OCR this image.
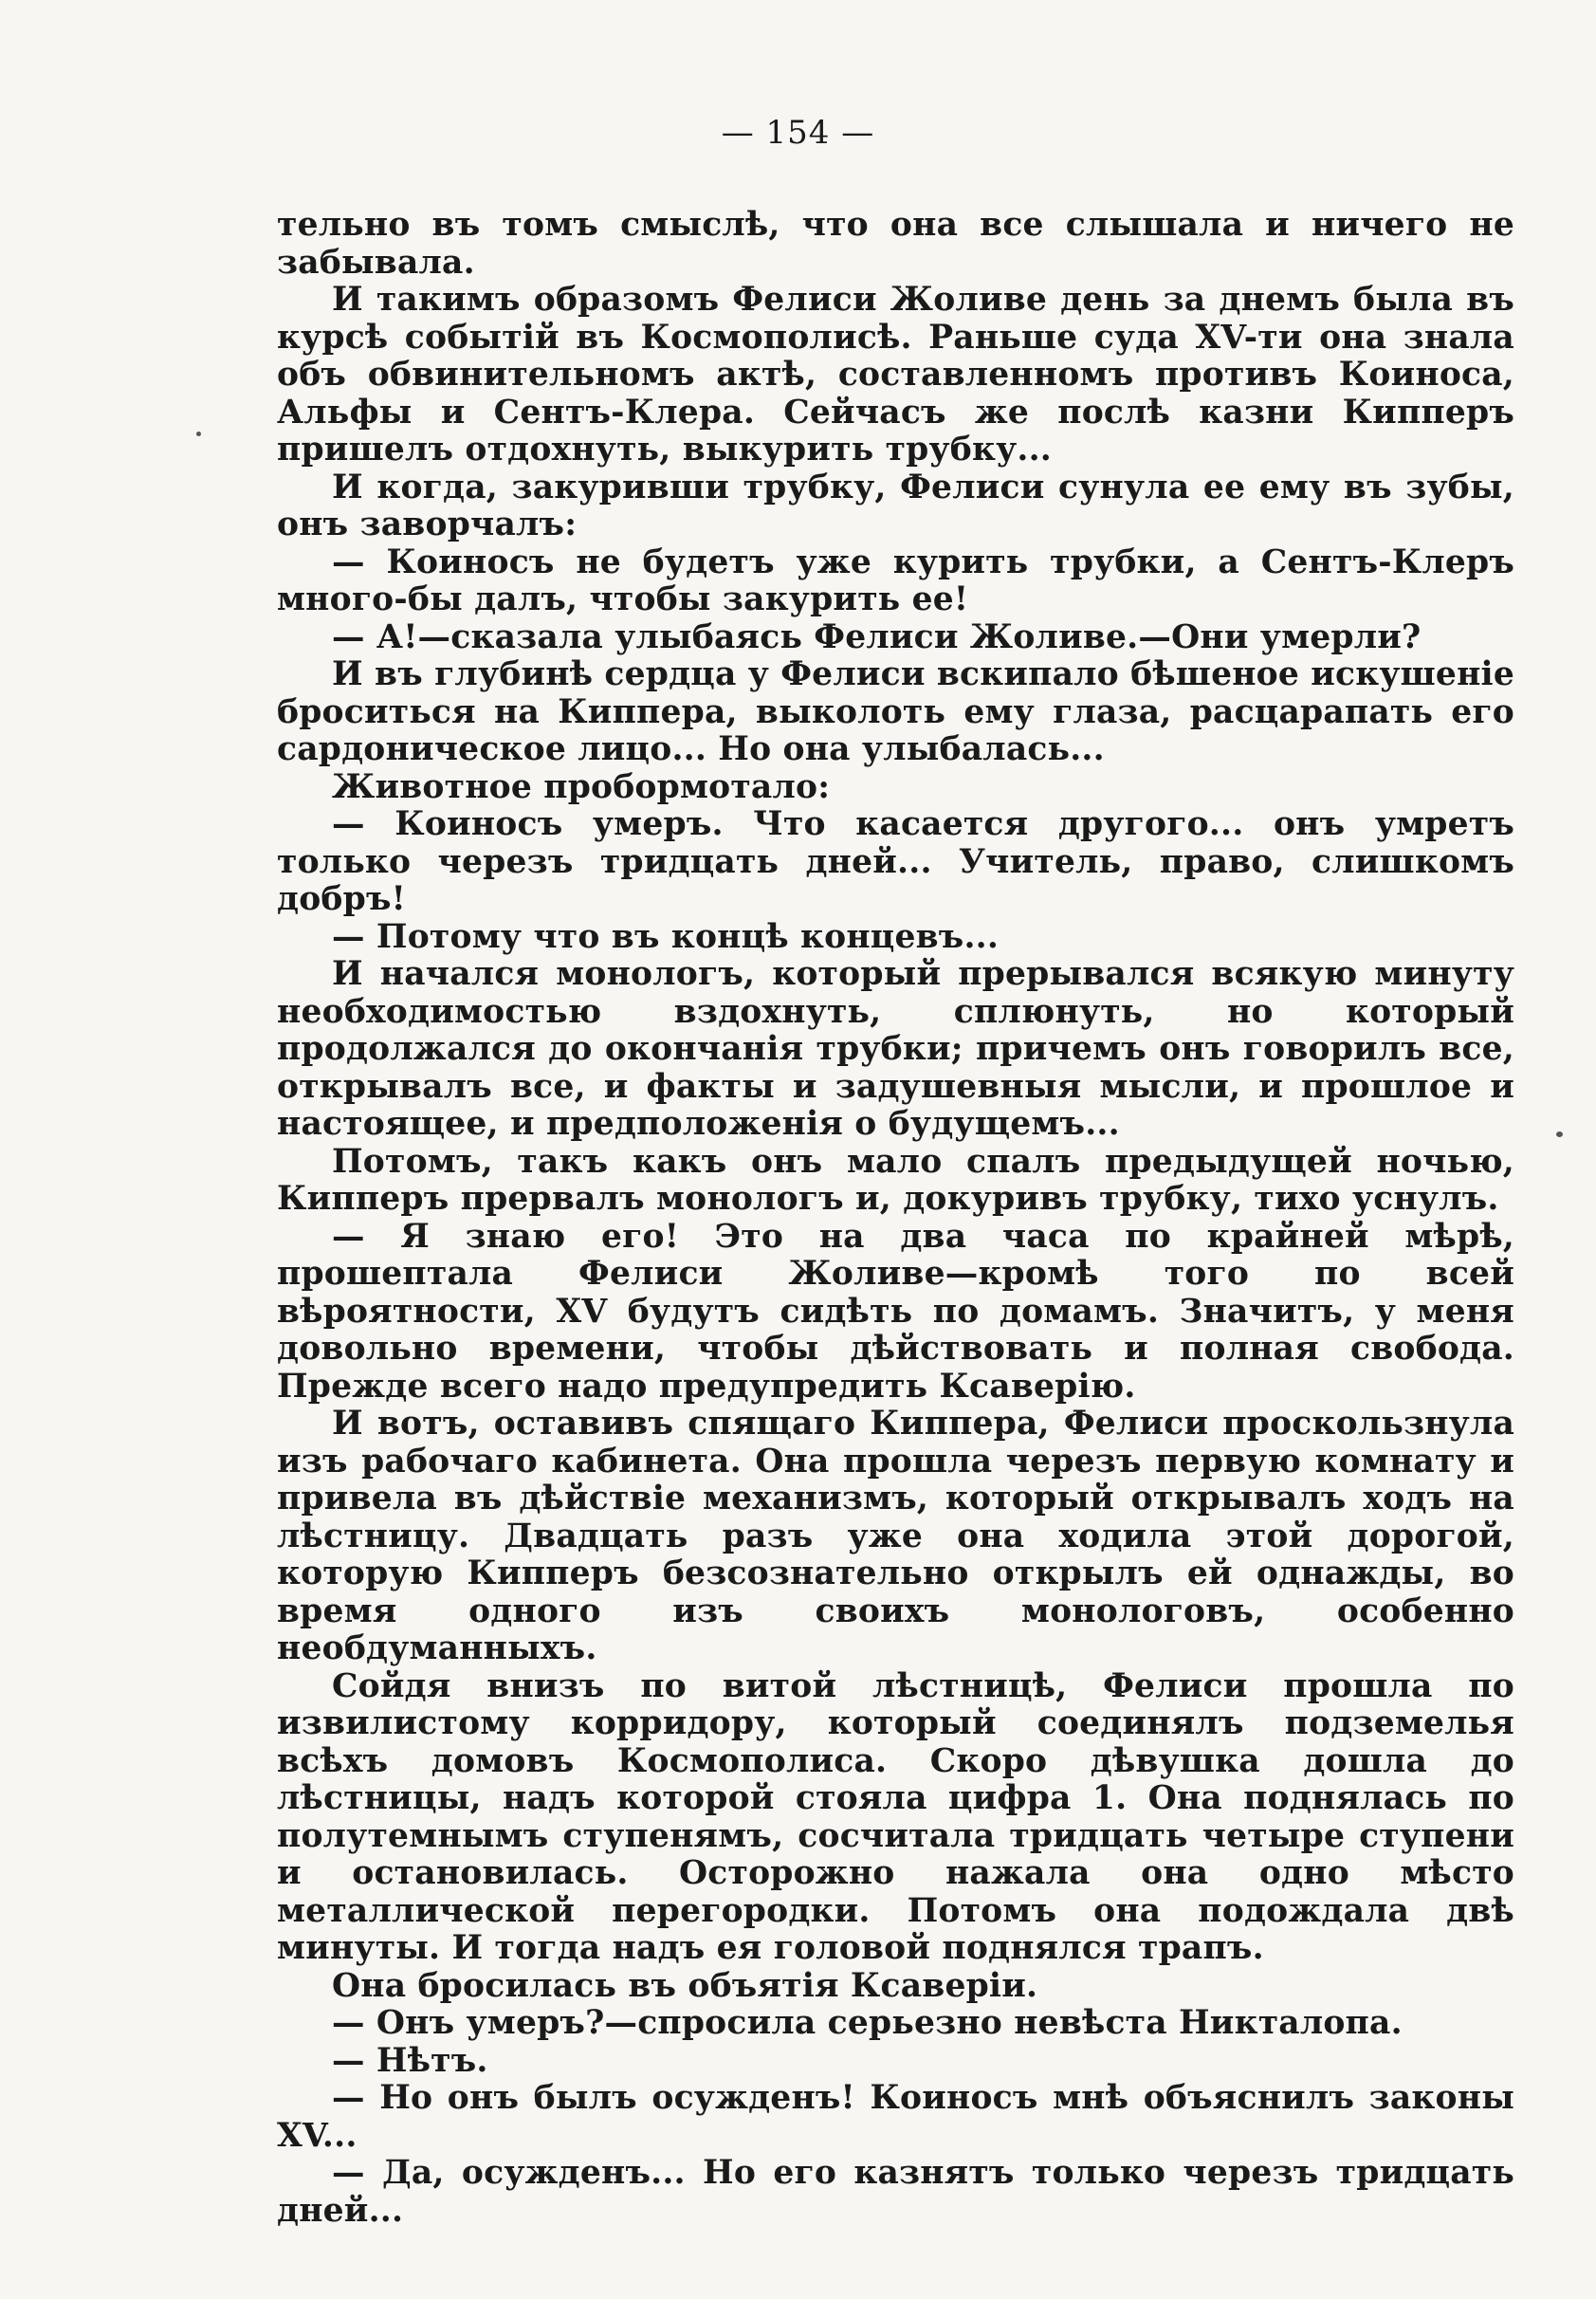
— 154 —

тельно въ томъ смыслѣ, что она все слышала и ничего не забывала.

И такимъ образомъ Фелиси Жоливе день за днемъ была въ курсѣ событій въ Космополисѣ. Раньше суда XV-ти она знала объ обвинительномъ актѣ, составленномъ противъ Коиноса, Альфы и Сентъ-Клера. Сейчасъ же послѣ казни Кипперъ пришелъ отдохнуть, выкурить трубку...

И когда, закуривши трубку, Фелиси сунула ее ему въ зубы, онъ заворчалъ:

— Коиносъ не будетъ уже курить трубки, а Сентъ-Клеръ много-бы далъ, чтобы закурить ее!

— А!—сказала улыбаясь Фелиси Жоливе.—Они умерли?

И въ глубинѣ сердца у Фелиси вскипало бѣшеное искушеніе броситься на Киппера, выколоть ему глаза, расцарапать его сардоническое лицо... Но она улыбалась...

Животное пробормотало:

— Коиносъ умеръ. Что касается другого... онъ умретъ только черезъ тридцать дней... Учитель, право, слишкомъ добръ!

— Потому что въ концѣ концевъ...

И начался монологъ, который прерывался всякую минуту необходимостью вздохнуть, сплюнуть, но который продолжался до окончанія трубки; причемъ онъ говорилъ все, открывалъ все, и факты и задушевныя мысли, и прошлое и настоящее, и предположенія о будущемъ...

Потомъ, такъ какъ онъ мало спалъ предыдущей ночью, Кипперъ прервалъ монологъ и, докуривъ трубку, тихо уснулъ.

— Я знаю его! Это на два часа по крайней мѣрѣ, прошептала Фелиси Жоливе—кромѣ того по всей вѣроятности, XV будутъ сидѣть по домамъ. Значитъ, у меня довольно времени, чтобы дѣйствовать и полная свобода. Прежде всего надо предупредить Ксаверію.

И вотъ, оставивъ спящаго Киппера, Фелиси проскользнула изъ рабочаго кабинета. Она прошла черезъ первую комнату и привела въ дѣйствіе механизмъ, который открывалъ ходъ на лѣстницу. Двадцать разъ уже она ходила этой дорогой, которую Кипперъ безсознательно открылъ ей однажды, во время одного изъ своихъ монологовъ, особенно необдуманныхъ.

Сойдя внизъ по витой лѣстницѣ, Фелиси прошла по извилистому корридору, который соединялъ подземелья всѣхъ домовъ Космополиса. Скоро дѣвушка дошла до лѣстницы, надъ которой стояла цифра 1. Она поднялась по полутемнымъ ступенямъ, сосчитала тридцать четыре ступени и остановилась. Осторожно нажала она одно мѣсто металлической перегородки. Потомъ она подождала двѣ минуты. И тогда надъ ея головой поднялся трапъ.

Она бросилась въ объятія Ксаверіи.

— Онъ умеръ?—спросила серьезно невѣста Никталопа.

— Нѣтъ.

— Но онъ былъ осужденъ! Коиносъ мнѣ объяснилъ законы XV...

— Да, осужденъ... Но его казнятъ только черезъ тридцать дней...
